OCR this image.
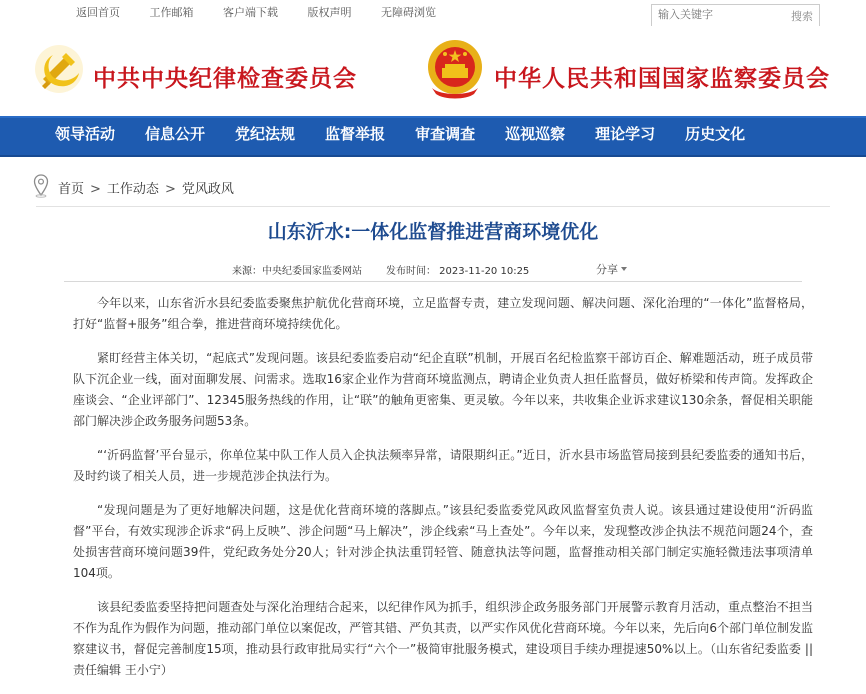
返回首页	工作邮箱	客户端下载	版权声明	无障碍浏览
输入关键字	搜索
中共中央纪律检查委员会	中华人民共和国国家监察委员会
领导活动	信息公开	党纪法规	监督举报	审查调查	巡视巡察	理论学习	历史文化
首页 > 工作动态 > 党风政风
山东沂水:一体化监督推进营商环境优化
来源：中央纪委国家监委网站 发布时间： 2023-11-20 10:25	分享

今年以来，山东省沂水县纪委监委聚焦护航优化营商环境，立足监督专责，建立发现问题、解决问题、深化治理的“一体化”监督格局，打好“监督+服务”组合拳，推进营商环境持续优化。

紧盯经营主体关切，“起底式”发现问题。该县纪委监委启动“纪企直联”机制，开展百名纪检监察干部访百企、解难题活动，班子成员带队下沉企业一线，面对面聊发展、问需求。选取16家企业作为营商环境监测点，聘请企业负责人担任监督员，做好桥梁和传声筒。发挥政企座谈会、“企业评部门”、12345服务热线的作用，让“联”的触角更密集、更灵敏。今年以来，共收集企业诉求建议130余条，督促相关职能部门解决涉企政务服务问题53条。

“‘沂码监督’平台显示，你单位某中队工作人员入企执法频率异常，请限期纠正。”近日，沂水县市场监管局接到县纪委监委的通知书后，及时约谈了相关人员，进一步规范涉企执法行为。

“发现问题是为了更好地解决问题，这是优化营商环境的落脚点。”该县纪委监委党风政风监督室负责人说。该县通过建设使用“沂码监督”平台，有效实现涉企诉求“码上反映”、涉企问题“马上解决”，涉企线索“马上查处”。今年以来，发现整改涉企执法不规范问题24个，查处损害营商环境问题39件，党纪政务处分20人；针对涉企执法重罚轻管、随意执法等问题，监督推动相关部门制定实施轻微违法事项清单104项。

该县纪委监委坚持把问题查处与深化治理结合起来，以纪律作风为抓手，组织涉企政务服务部门开展警示教育月活动，重点整治不担当不作为乱作为假作为问题，推动部门单位以案促改，严管其错、严负其责，以严实作风优化营商环境。今年以来，先后向6个部门单位制发监察建议书，督促完善制度15项，推动县行政审批局实行“六个一”极简审批服务模式，建设项目手续办理提速50%以上。（山东省纪委监委 || 责任编辑 王小宁）
